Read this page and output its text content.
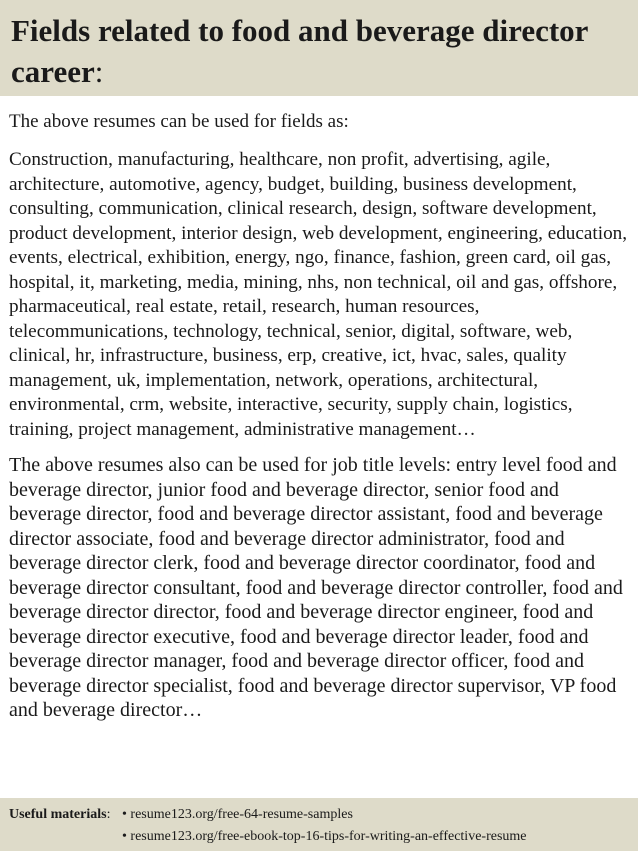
Fields related to food and beverage director career:

The above resumes can be used for fields as:

Construction, manufacturing, healthcare, non profit, advertising, agile, architecture, automotive, agency, budget, building, business development, consulting, communication, clinical research, design, software development, product development, interior design, web development, engineering, education, events, electrical, exhibition, energy, ngo, finance, fashion, green card, oil gas, hospital, it, marketing, media, mining, nhs, non technical, oil and gas, offshore, pharmaceutical, real estate, retail, research, human resources, telecommunications, technology, technical, senior, digital, software, web, clinical, hr, infrastructure, business, erp, creative, ict, hvac, sales, quality management, uk, implementation, network, operations, architectural, environmental, crm, website, interactive, security, supply chain, logistics, training, project management, administrative management…

The above resumes also can be used for job title levels: entry level food and beverage director, junior food and beverage director, senior food and beverage director, food and beverage director assistant, food and beverage director associate, food and beverage director administrator, food and beverage director clerk, food and beverage director coordinator, food and beverage director consultant, food and beverage director controller, food and beverage director director, food and beverage director engineer, food and beverage director executive, food and beverage director leader, food and beverage director manager, food and beverage director officer, food and beverage director specialist, food and beverage director supervisor, VP food and beverage director…

Useful materials: • resume123.org/free-64-resume-samples
• resume123.org/free-ebook-top-16-tips-for-writing-an-effective-resume
